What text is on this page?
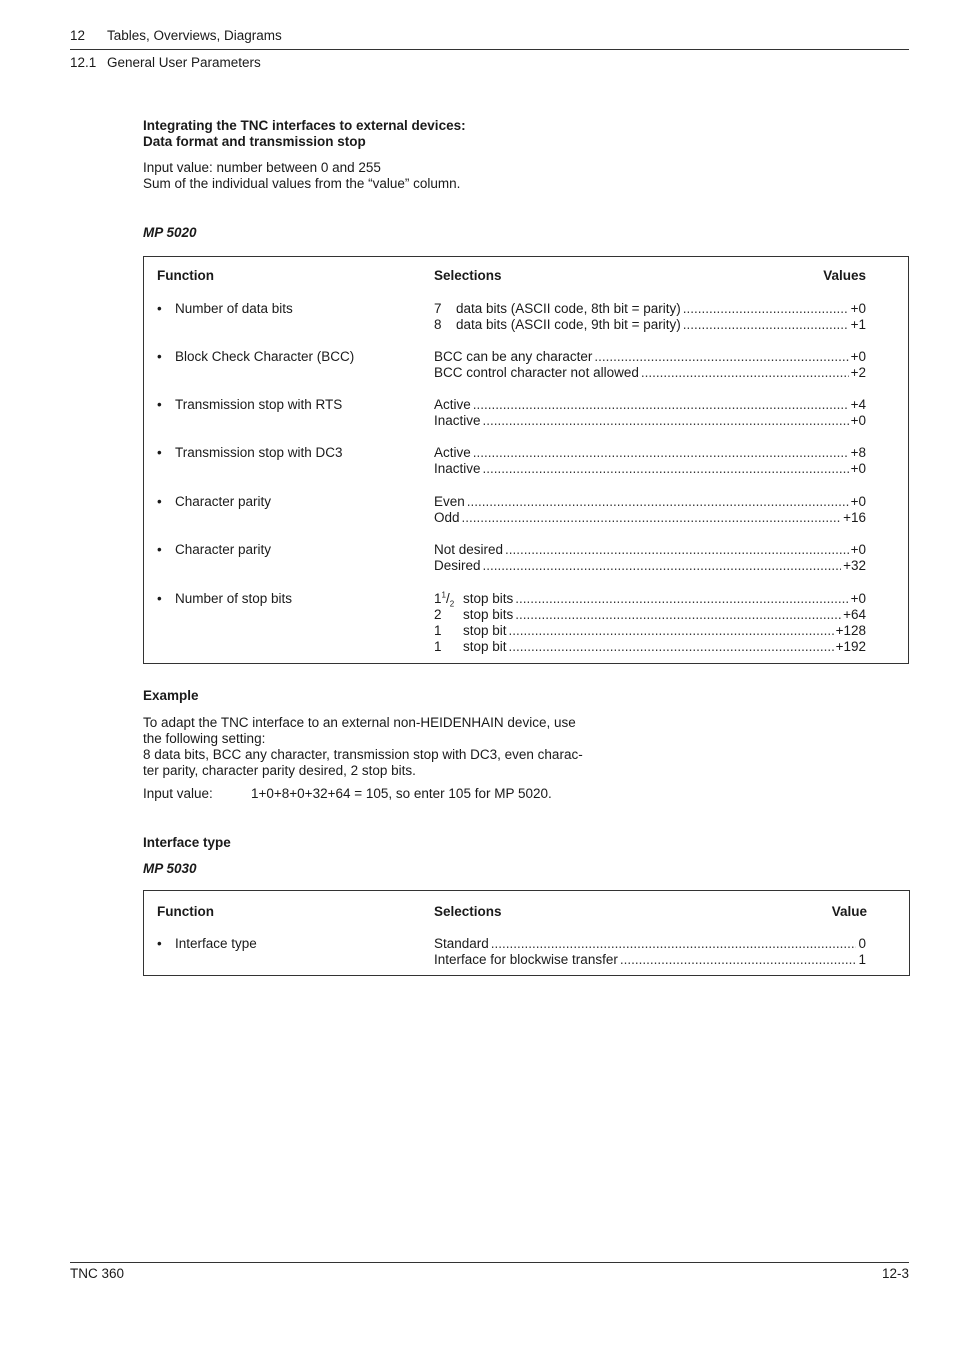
12 Tables, Overviews, Diagrams
12.1 General User Parameters
Integrating the TNC interfaces to external devices:
Data format and transmission stop
Input value: number between 0 and 255
Sum of the individual values from the “value” column.
MP 5020
Function	Selections	Values
• Number of data bits	7	data bits (ASCII code, 8th bit = parity) .....	+0
8	data bits (ASCII code, 9th bit = parity) .....	+1
• Block Check Character (BCC)	BCC can be any character .....	+0
BCC control character not allowed .....	+2
• Transmission stop with RTS	Active .....	+4
Inactive .....	+0
• Transmission stop with DC3	Active .....	+8
Inactive .....	+0
• Character parity	Even .....	+0
Odd .....	+16
• Character parity	Not desired .....	+0
Desired .....	+32
• Number of stop bits	$1^1/_2$ stop bits .....	+0
2	stop bits .....	+64
1	stop bit .....	+128
1	stop bit .....	+192
Example
To adapt the TNC interface to an external non-HEIDENHAIN device, use
the following setting:
8 data bits, BCC any character, transmission stop with DC3, even charac-
ter parity, character parity desired, 2 stop bits.
Input value:	1+0+8+0+32+64 = 105, so enter 105 for MP 5020.
Interface type
MP 5030
Function	Selections	Value
• Interface type	Standard .....	0
Interface for blockwise transfer .....	1
TNC 360	12-3
